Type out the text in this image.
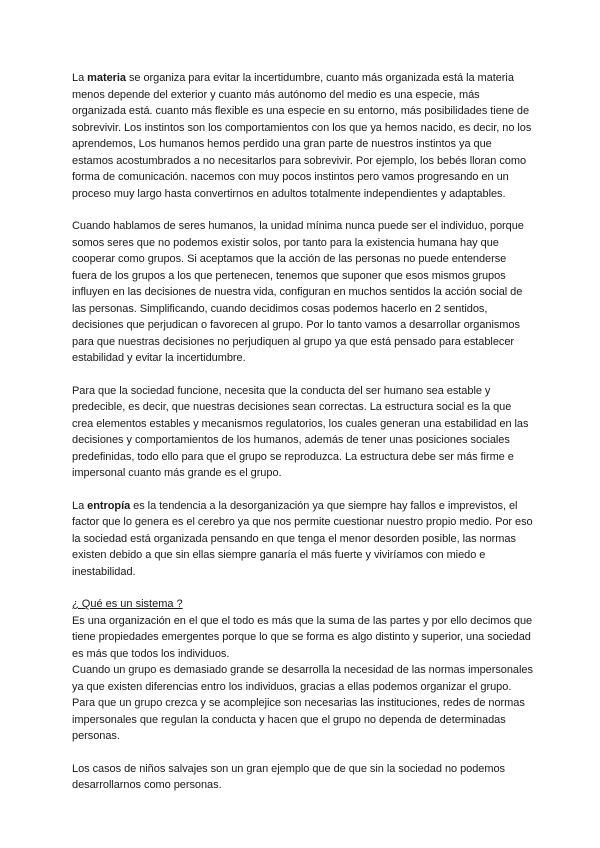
La materia se organiza para evitar la incertidumbre, cuanto más organizada está la materia menos depende del exterior y cuanto más autónomo del medio es una especie, más organizada está. cuanto más flexible es una especie en su entorno, más posibilidades tiene de sobrevivir. Los instintos son los comportamientos con los que ya hemos nacido, es decir, no los aprendemos, Los humanos hemos perdido una gran parte de nuestros instintos ya que estamos acostumbrados a no necesitarlos para sobrevivir. Por ejemplo, los bebés lloran como forma de comunicación. nacemos con muy pocos instintos pero vamos progresando en un proceso muy largo hasta convertirnos en adultos totalmente independientes y adaptables.

Cuando hablamos de seres humanos, la unidad mínima nunca puede ser el individuo, porque somos seres que no podemos existir solos, por tanto para la existencia humana hay que cooperar como grupos. Si aceptamos que la acción de las personas no puede entenderse fuera de los grupos a los que pertenecen, tenemos que suponer que esos mismos grupos influyen en las decisiones de nuestra vida, configuran en muchos sentidos la acción social de las personas. Simplificando, cuando decidimos cosas podemos hacerlo en 2 sentidos, decisiones que perjudican o favorecen al grupo. Por lo tanto vamos a desarrollar organismos para que nuestras decisiones no perjudiquen al grupo ya que está pensado para establecer estabilidad y evitar la incertidumbre.

Para que la sociedad funcione, necesita que la conducta del ser humano sea estable y predecible, es decir, que nuestras decisiones sean correctas. La estructura social es la que crea elementos estables y mecanismos regulatorios, los cuales generan una estabilidad en las decisiones y comportamientos de los humanos, además de tener unas posiciones sociales predefinidas, todo ello para que el grupo se reproduzca. La estructura debe ser más firme e impersonal cuanto más grande es el grupo.

La entropía es la tendencia a la desorganización ya que siempre hay fallos e imprevistos, el factor que lo genera es el cerebro ya que nos permite cuestionar nuestro propio medio. Por eso la sociedad está organizada pensando en que tenga el menor desorden posible, las normas existen debido a que sin ellas siempre ganaría el más fuerte y viviríamos con miedo e inestabilidad.

¿ Qué es un sistema ?

Es una organización en el que el todo es más que la suma de las partes y por ello decimos que tiene propiedades emergentes porque lo que se forma es algo distinto y superior, una sociedad es más que todos los individuos.

Cuando un grupo es demasiado grande se desarrolla la necesidad de las normas impersonales ya que existen diferencias entro los individuos, gracias a ellas podemos organizar el grupo.

Para que un grupo crezca y se acomplejice son necesarias las instituciones, redes de normas impersonales que regulan la conducta y hacen que el grupo no dependa de determinadas personas.

Los casos de niños salvajes son un gran ejemplo que de que sin la sociedad no podemos desarrollarnos como personas.
